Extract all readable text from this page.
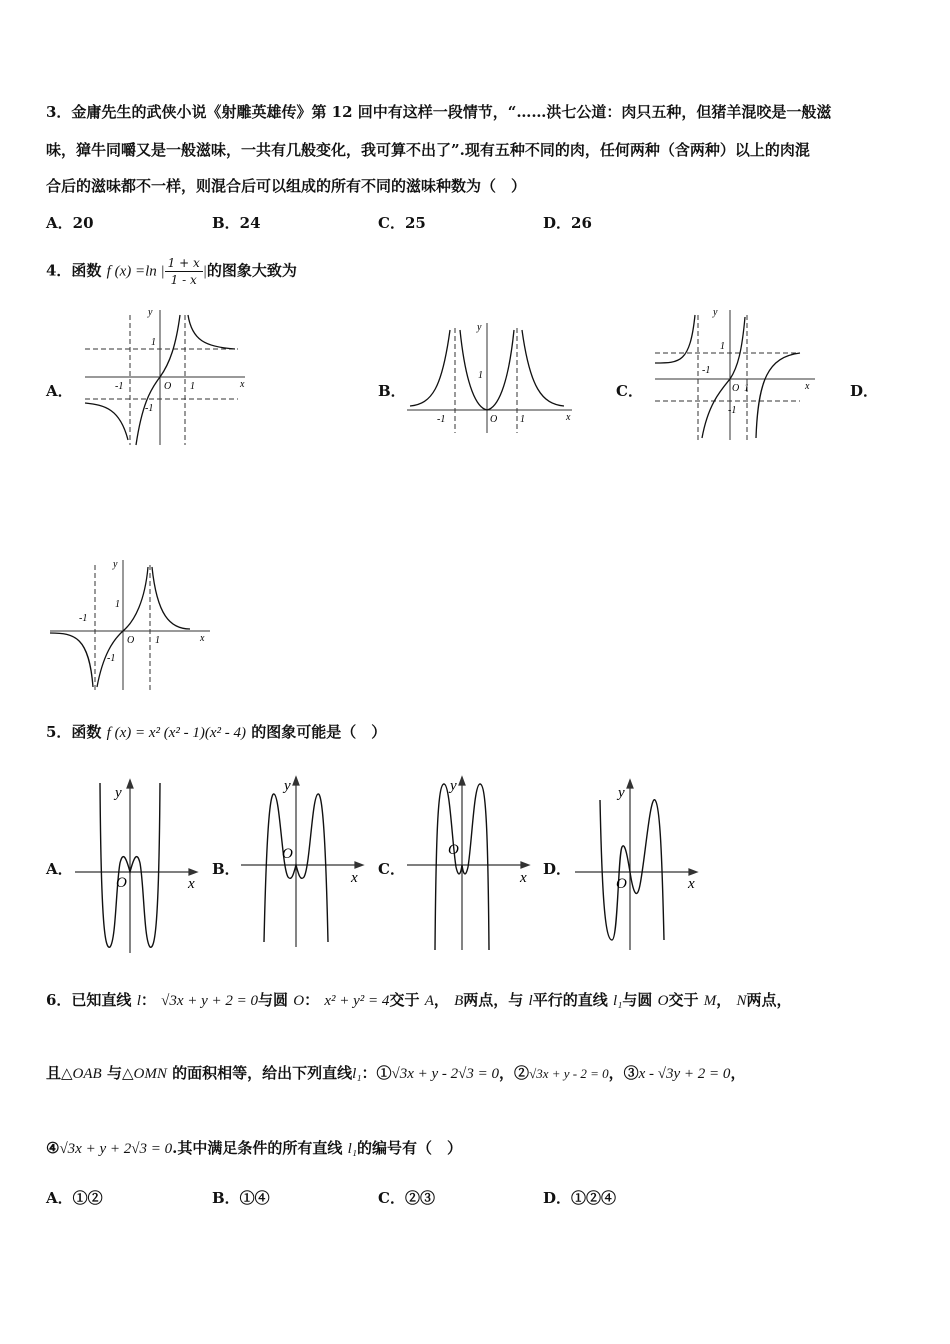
3．金庸先生的武侠小说《射雕英雄传》第 12 回中有这样一段情节，“……洪七公道：肉只五种，但猪羊混咬是一般滋
味，獐牛同嚼又是一般滋味，一共有几般变化，我可算不出了”.现有五种不同的肉，任何两种（含两种）以上的肉混
合后的滋味都不一样，则混合后可以组成的所有不同的滋味种数为（　）
A．20	B．24	C．25	D．26
4．函数 f (x) =ln | $\frac{1 + x}{1 - x}$ |的图象大致为
A．	B．	C．	D．
y
x
O
1
-1	1
-1
y
x
O
1
-1	1
y
x
O
1
-1
1
-1
y
x
O
1
-1
1
-1
5．函数 f (x) = x² (x² - 1)(x² - 4) 的图象可能是（　）
A．	B．	C．	D．
y
x
O
y
x
O
y
x
O
y
x
O
6．已知直线 l： √3x + y + 2 = 0与圆 O： x² + y² = 4交于 A， B两点，与 l平行的直线 l₁与圆 O交于 M， N两点，
且△OAB 与△OMN 的面积相等，给出下列直线l₁：①√3x + y - 2√3 = 0，②√3x + y - 2 = 0，③x - √3y + 2 = 0，
④√3x + y + 2√3 = 0.其中满足条件的所有直线 l₁的编号有（　）
A．①②	B．①④	C．②③	D．①②④
